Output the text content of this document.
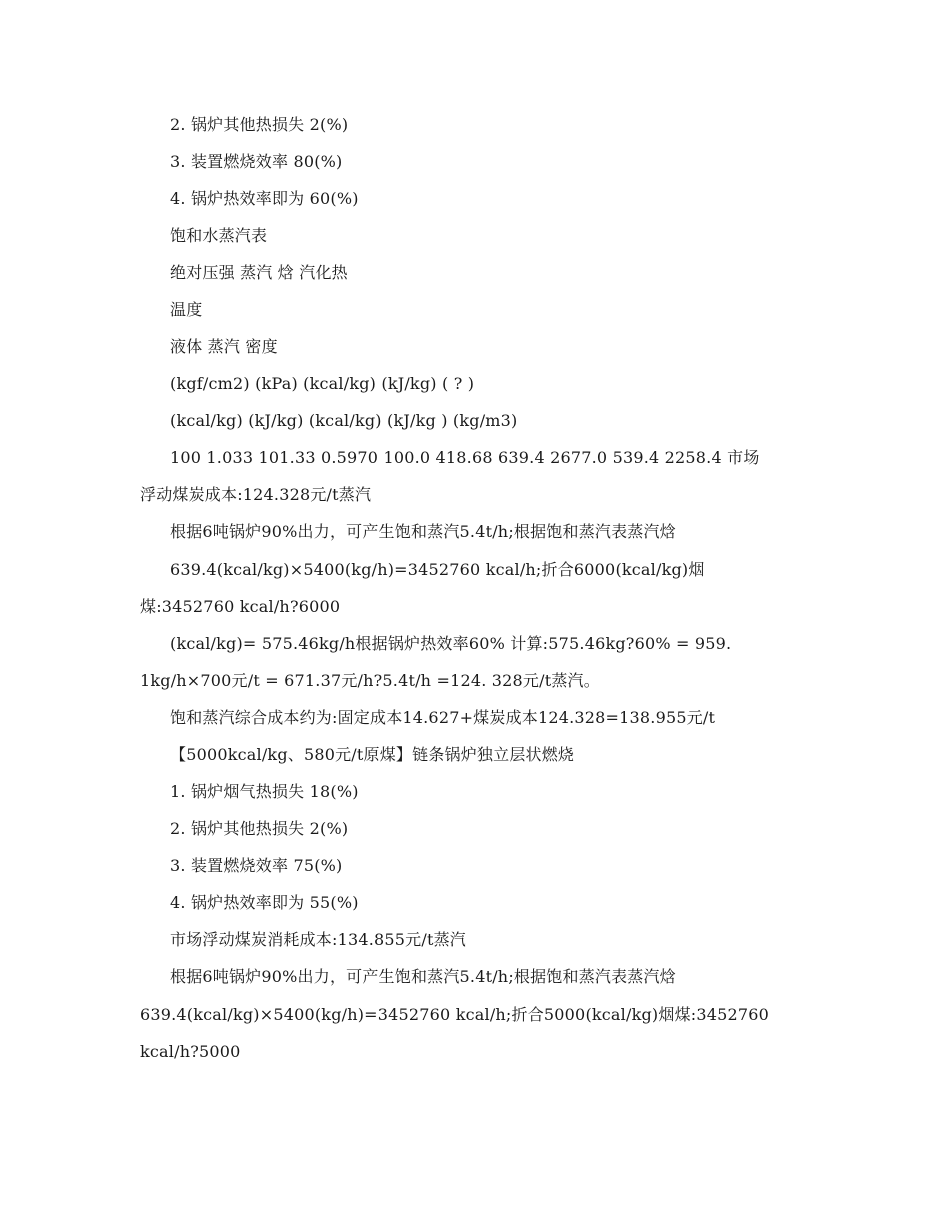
2. 锅炉其他热损失 2(%)
3. 装置燃烧效率 80(%)
4. 锅炉热效率即为 60(%)
饱和水蒸汽表
绝对压强 蒸汽 焓 汽化热
温度
液体 蒸汽 密度
(kgf/cm2) (kPa) (kcal/kg) (kJ/kg) ( ? )
(kcal/kg) (kJ/kg) (kcal/kg) (kJ/kg ) (kg/m3)
100 1.033 101.33 0.5970 100.0 418.68 639.4 2677.0 539.4 2258.4 市场
浮动煤炭成本:124.328元/t蒸汽
根据6吨锅炉90%出力，可产生饱和蒸汽5.4t/h;根据饱和蒸汽表蒸汽焓
639.4(kcal/kg)×5400(kg/h)=3452760 kcal/h;折合6000(kcal/kg)烟
煤:3452760 kcal/h?6000
(kcal/kg)= 575.46kg/h根据锅炉热效率60% 计算:575.46kg?60% = 959.
1kg/h×700元/t = 671.37元/h?5.4t/h =124. 328元/t蒸汽。
饱和蒸汽综合成本约为:固定成本14.627+煤炭成本124.328=138.955元/t
【5000kcal/kg、580元/t原煤】链条锅炉独立层状燃烧
1. 锅炉烟气热损失 18(%)
2. 锅炉其他热损失 2(%)
3. 装置燃烧效率 75(%)
4. 锅炉热效率即为 55(%)
市场浮动煤炭消耗成本:134.855元/t蒸汽
根据6吨锅炉90%出力，可产生饱和蒸汽5.4t/h;根据饱和蒸汽表蒸汽焓
639.4(kcal/kg)×5400(kg/h)=3452760 kcal/h;折合5000(kcal/kg)烟煤:3452760
kcal/h?5000
